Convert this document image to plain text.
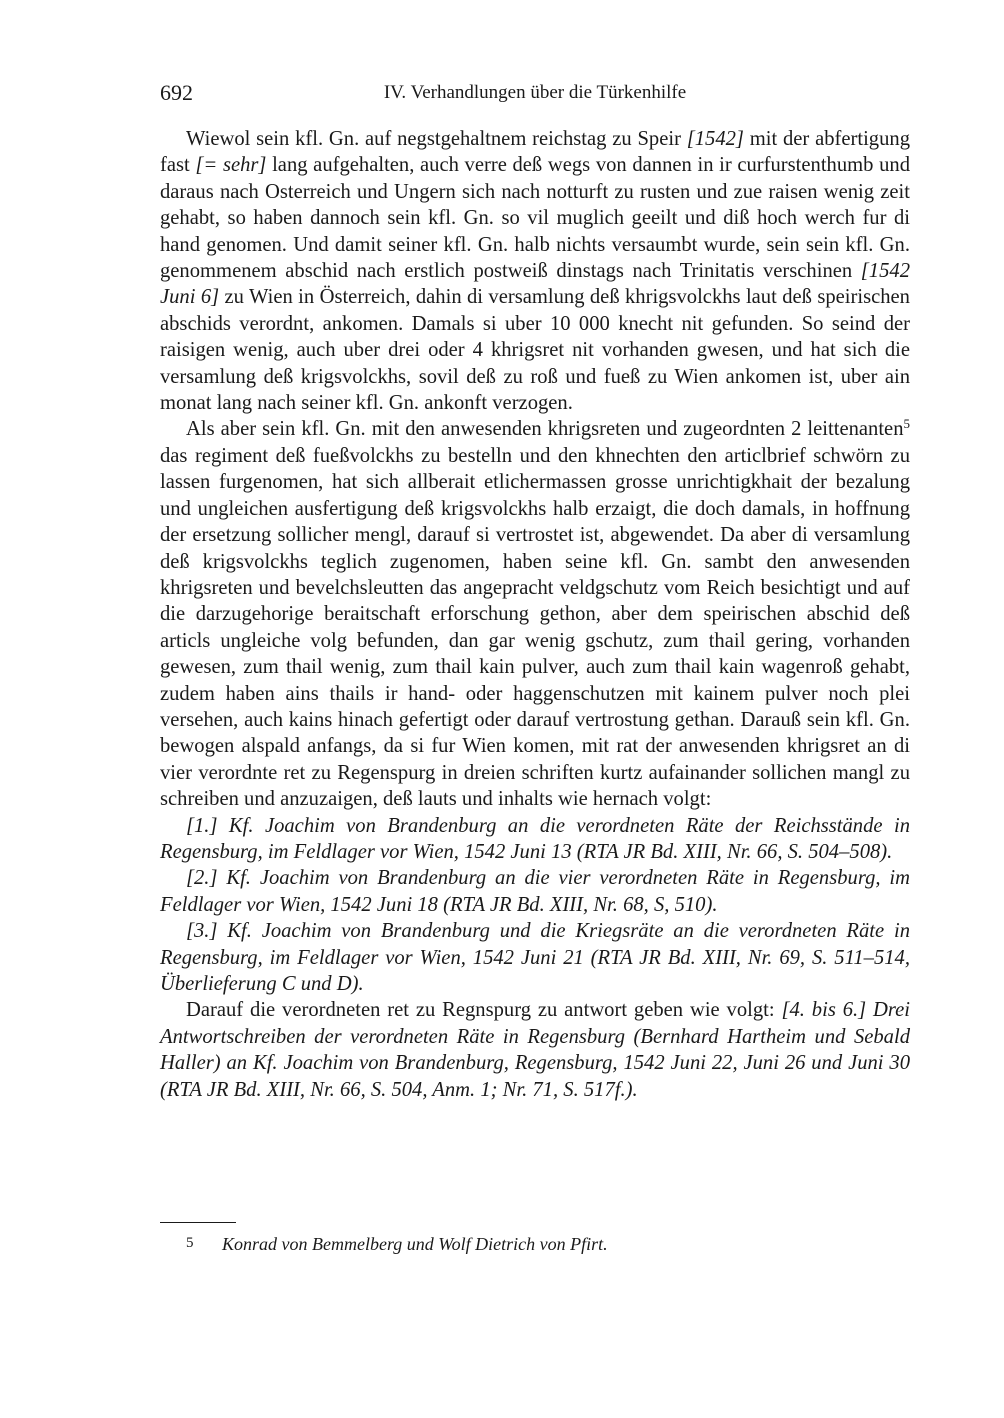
692	IV. Verhandlungen über die Türkenhilfe

Wiewol sein kfl. Gn. auf negstgehaltnem reichstag zu Speir [1542] mit der abfertigung fast [= sehr] lang aufgehalten, auch verre deß wegs von dannen in ir curfurstenthumb und daraus nach Osterreich und Ungern sich nach notturft zu rusten und zue raisen wenig zeit gehabt, so haben dannoch sein kfl. Gn. so vil muglich geeilt und diß hoch werch fur di hand genomen. Und damit seiner kfl. Gn. halb nichts versaumbt wurde, sein sein kfl. Gn. genommenem abschid nach erstlich postweiß dinstags nach Trinitatis verschinen [1542 Juni 6] zu Wien in Österreich, dahin di versamlung deß khrigsvolckhs laut deß speirischen abschids verordnt, ankomen. Damals si uber 10 000 knecht nit gefunden. So seind der raisigen wenig, auch uber drei oder 4 khrigsret nit vorhanden gwesen, und hat sich die versamlung deß krigsvolckhs, sovil deß zu roß und fueß zu Wien ankomen ist, uber ain monat lang nach seiner kfl. Gn. ankonft verzogen.

Als aber sein kfl. Gn. mit den anwesenden khrigsreten und zugeordnten 2 leittenanten$^5$ das regiment deß fueßvolckhs zu bestelln und den khnechten den articlbrief schwörn zu lassen furgenomen, hat sich allberait etlichermassen grosse unrichtigkhait der bezalung und ungleichen ausfertigung deß krigsvolckhs halb erzaigt, die doch damals, in hoffnung der ersetzung sollicher mengl, darauf si vertrostet ist, abgewendet. Da aber di versamlung deß krigsvolckhs teglich zugenomen, haben seine kfl. Gn. sambt den anwesenden khrigsreten und bevelchsleutten das angepracht veldgschutz vom Reich besichtigt und auf die darzugehorige beraitschaft erforschung gethon, aber dem speirischen abschid deß articls ungleiche volg befunden, dan gar wenig gschutz, zum thail gering, vorhanden gewesen, zum thail wenig, zum thail kain pulver, auch zum thail kain wagenroß gehabt, zudem haben ains thails ir hand- oder haggenschutzen mit kainem pulver noch plei versehen, auch kains hinach gefertigt oder darauf vertrostung gethan. Darauß sein kfl. Gn. bewogen alspald anfangs, da si fur Wien komen, mit rat der anwesenden khrigsret an di vier verordnte ret zu Regenspurg in dreien schriften kurtz aufainander sollichen mangl zu schreiben und anzuzaigen, deß lauts und inhalts wie hernach volgt:

[1.] Kf. Joachim von Brandenburg an die verordneten Räte der Reichsstände in Regensburg, im Feldlager vor Wien, 1542 Juni 13 (RTA JR Bd. XIII, Nr. 66, S. 504–508).

[2.] Kf. Joachim von Brandenburg an die vier verordneten Räte in Regensburg, im Feldlager vor Wien, 1542 Juni 18 (RTA JR Bd. XIII, Nr. 68, S, 510).

[3.] Kf. Joachim von Brandenburg und die Kriegsräte an die verordneten Räte in Regensburg, im Feldlager vor Wien, 1542 Juni 21 (RTA JR Bd. XIII, Nr. 69, S. 511–514, Überlieferung C und D).

Darauf die verordneten ret zu Regnspurg zu antwort geben wie volgt: [4. bis 6.] Drei Antwortschreiben der verordneten Räte in Regensburg (Bernhard Hartheim und Sebald Haller) an Kf. Joachim von Brandenburg, Regensburg, 1542 Juni 22, Juni 26 und Juni 30 (RTA JR Bd. XIII, Nr. 66, S. 504, Anm. 1; Nr. 71, S. 517f.).

5 Konrad von Bemmelberg und Wolf Dietrich von Pfirt.
